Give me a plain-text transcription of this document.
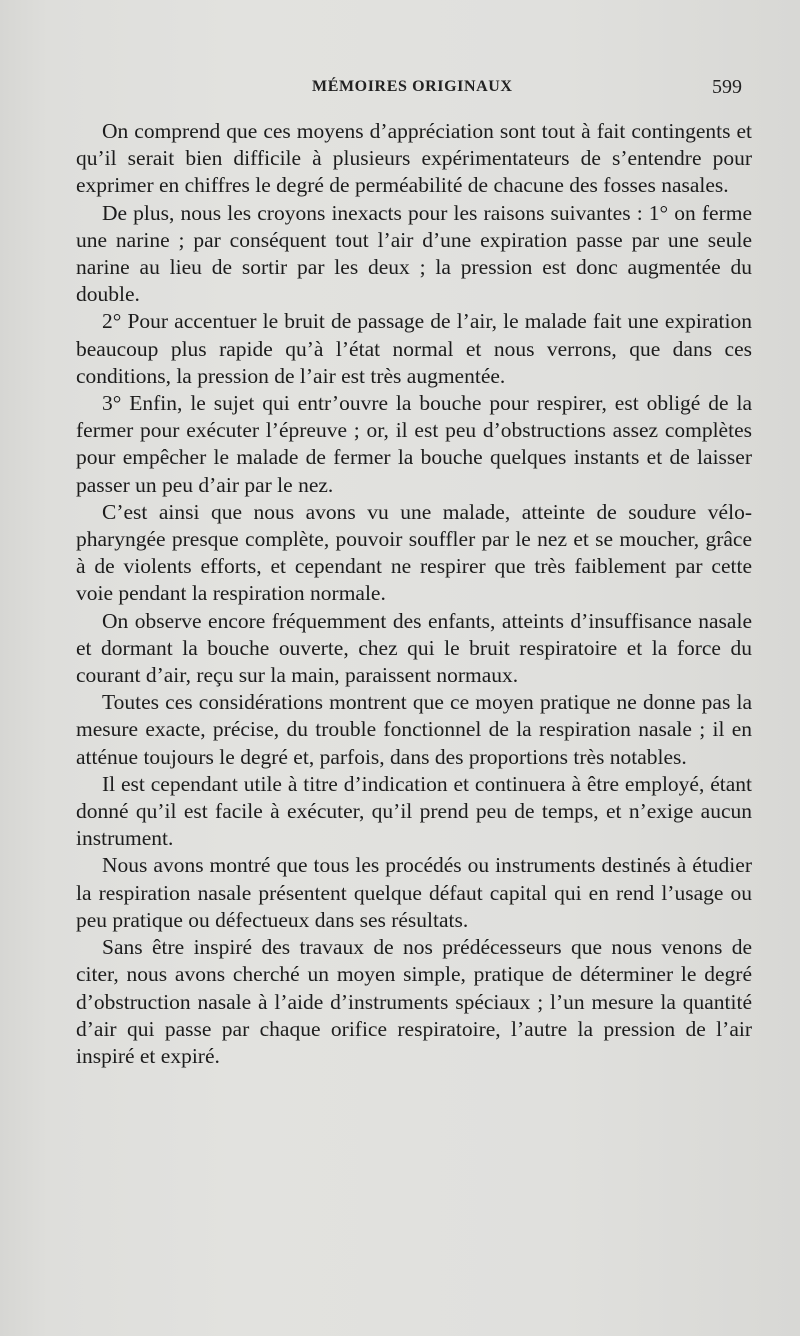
MÉMOIRES ORIGINAUX	599

On comprend que ces moyens d’appréciation sont tout à fait contingents et qu’il serait bien difficile à plusieurs expérimentateurs de s’entendre pour exprimer en chiffres le degré de perméabilité de chacune des fosses nasales.

De plus, nous les croyons inexacts pour les raisons suivantes : 1° on ferme une narine ; par conséquent tout l’air d’une expiration passe par une seule narine au lieu de sortir par les deux ; la pression est donc augmentée du double.

2° Pour accentuer le bruit de passage de l’air, le malade fait une expiration beaucoup plus rapide qu’à l’état normal et nous verrons, que dans ces conditions, la pression de l’air est très augmentée.

3° Enfin, le sujet qui entr’ouvre la bouche pour respirer, est obligé de la fermer pour exécuter l’épreuve ; or, il est peu d’obstructions assez complètes pour empêcher le malade de fermer la bouche quelques instants et de laisser passer un peu d’air par le nez.

C’est ainsi que nous avons vu une malade, atteinte de soudure vélo-pharyngée presque complète, pouvoir souffler par le nez et se moucher, grâce à de violents efforts, et cependant ne respirer que très faiblement par cette voie pendant la respiration normale.

On observe encore fréquemment des enfants, atteints d’insuffisance nasale et dormant la bouche ouverte, chez qui le bruit respiratoire et la force du courant d’air, reçu sur la main, paraissent normaux.

Toutes ces considérations montrent que ce moyen pratique ne donne pas la mesure exacte, précise, du trouble fonctionnel de la respiration nasale ; il en atténue toujours le degré et, parfois, dans des proportions très notables.

Il est cependant utile à titre d’indication et continuera à être employé, étant donné qu’il est facile à exécuter, qu’il prend peu de temps, et n’exige aucun instrument.

Nous avons montré que tous les procédés ou instruments destinés à étudier la respiration nasale présentent quelque défaut capital qui en rend l’usage ou peu pratique ou défectueux dans ses résultats.

Sans être inspiré des travaux de nos prédécesseurs que nous venons de citer, nous avons cherché un moyen simple, pratique de déterminer le degré d’obstruction nasale à l’aide d’instruments spéciaux ; l’un mesure la quantité d’air qui passe par chaque orifice respiratoire, l’autre la pression de l’air inspiré et expiré.
